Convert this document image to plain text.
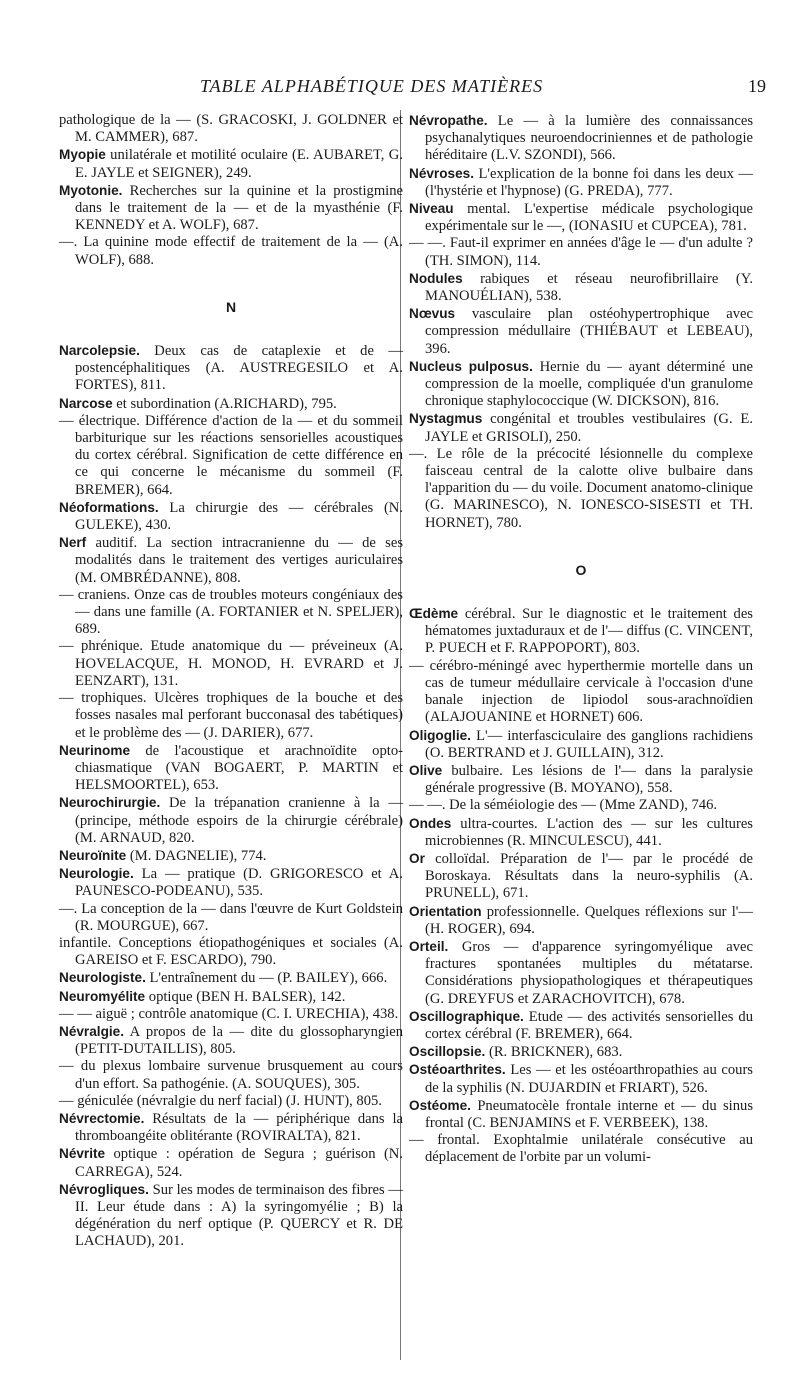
TABLE ALPHABÉTIQUE DES MATIÈRES	19

pathologique de la — (S. GRACOSKI, J. GOLDNER et M. CAMMER), 687.

Myopie unilatérale et motilité oculaire (E. AUBARET, G. E. JAYLE et SEIGNER), 249.

Myotonie. Recherches sur la quinine et la prostigmine dans le traitement de la — et de la myasthénie (F. KENNEDY et A. WOLF), 687.

—. La quinine mode effectif de traitement de la — (A. WOLF), 688.

N

Narcolepsie. Deux cas de cataplexie et de — postencéphalitiques (A. AUSTREGESILO et A. FORTES), 811.

Narcose et subordination (A.RICHARD), 795.

— électrique. Différence d'action de la — et du sommeil barbiturique sur les réactions sensorielles acoustiques du cortex cérébral. Signification de cette différence en ce qui concerne le mécanisme du sommeil (F. BREMER), 664.

Néoformations. La chirurgie des — cérébrales (N. GULEKE), 430.

Nerf auditif. La section intracranienne du — de ses modalités dans le traitement des vertiges auriculaires (M. OMBRÉDANNE), 808.

— craniens. Onze cas de troubles moteurs congéniaux des — dans une famille (A. FORTANIER et N. SPELJER), 689.

— phrénique. Etude anatomique du — préveineux (A. HOVELACQUE, H. MONOD, H. EVRARD et J. EENZART), 131.

— trophiques. Ulcères trophiques de la bouche et des fosses nasales mal perforant bucconasal des tabétiques) et le problème des — (J. DARIER), 677.

Neurinome de l'acoustique et arachnoïdite opto-chiasmatique (VAN BOGAERT, P. MARTIN et HELSMOORTEL), 653.

Neurochirurgie. De la trépanation cranienne à la — (principe, méthode espoirs de la chirurgie cérébrale) (M. ARNAUD, 820.

Neuroïnite (M. DAGNELIE), 774.

Neurologie. La — pratique (D. GRIGORESCO et A. PAUNESCO-PODEANU), 535.

—. La conception de la — dans l'œuvre de Kurt Goldstein (R. MOURGUE), 667.

infantile. Conceptions étiopathogéniques et sociales (A. GAREISO et F. ESCARDO), 790.

Neurologiste. L'entraînement du — (P. BAILEY), 666.

Neuromyélite optique (BEN H. BALSER), 142.

— — aiguë ; contrôle anatomique (C. I. URECHIA), 438.

Névralgie. A propos de la — dite du glossopharyngien (PETIT-DUTAILLIS), 805.

— du plexus lombaire survenue brusquement au cours d'un effort. Sa pathogénie. (A. SOUQUES), 305.

— géniculée (névralgie du nerf facial) (J. HUNT), 805.

Névrectomie. Résultats de la — périphérique dans la thromboangéite oblitérante (ROVIRALTA), 821.

Névrite optique : opération de Segura ; guérison (N. CARREGA), 524.

Névrogliques. Sur les modes de terminaison des fibres — II. Leur étude dans : A) la syringomyélie ; B) la dégénération du nerf optique (P. QUERCY et R. DE LACHAUD), 201.

Névropathe. Le — à la lumière des connaissances psychanalytiques neuroendocriniennes et de pathologie héréditaire (L.V. SZONDI), 566.

Névroses. L'explication de la bonne foi dans les deux — (l'hystérie et l'hypnose) (G. PREDA), 777.

Niveau mental. L'expertise médicale psychologique expérimentale sur le —, (IONASIU et CUPCEA), 781.

— —. Faut-il exprimer en années d'âge le — d'un adulte ? (TH. SIMON), 114.

Nodules rabiques et réseau neurofibrillaire (Y. MANOUÉLIAN), 538.

Nœvus vasculaire plan ostéohypertrophique avec compression médullaire (THIÉBAUT et LEBEAU), 396.

Nucleus pulposus. Hernie du — ayant déterminé une compression de la moelle, compliquée d'un granulome chronique staphylococcique (W. DICKSON), 816.

Nystagmus congénital et troubles vestibulaires (G. E. JAYLE et GRISOLI), 250.

—. Le rôle de la précocité lésionnelle du complexe faisceau central de la calotte olive bulbaire dans l'apparition du — du voile. Document anatomo-clinique (G. MARINESCO), N. IONESCO-SISESTI et TH. HORNET), 780.

O

Œdème cérébral. Sur le diagnostic et le traitement des hématomes juxtaduraux et de l'— diffus (C. VINCENT, P. PUECH et F. RAPPOPORT), 803.

— cérébro-méningé avec hyperthermie mortelle dans un cas de tumeur médullaire cervicale à l'occasion d'une banale injection de lipiodol sous-arachnoïdien (ALAJOUANINE et HORNET) 606.

Oligoglie. L'— interfasciculaire des ganglions rachidiens (O. BERTRAND et J. GUILLAIN), 312.

Olive bulbaire. Les lésions de l'— dans la paralysie générale progressive (B. MOYANO), 558.

— —. De la séméiologie des — (Mme ZAND), 746.

Ondes ultra-courtes. L'action des — sur les cultures microbiennes (R. MINCULESCU), 441.

Or colloïdal. Préparation de l'— par le procédé de Boroskaya. Résultats dans la neuro-syphilis (A. PRUNELL), 671.

Orientation professionnelle. Quelques réflexions sur l'— (H. ROGER), 694.

Orteil. Gros — d'apparence syringomyélique avec fractures spontanées multiples du métatarse. Considérations physiopathologiques et thérapeutiques (G. DREYFUS et ZARACHOVITCH), 678.

Oscillographique. Etude — des activités sensorielles du cortex cérébral (F. BREMER), 664.

Oscillopsie. (R. BRICKNER), 683.

Ostéoarthrites. Les — et les ostéoarthropathies au cours de la syphilis (N. DUJARDIN et FRIART), 526.

Ostéome. Pneumatocèle frontale interne et — du sinus frontal (C. BENJAMINS et F. VERBEEK), 138.

— frontal. Exophtalmie unilatérale consécutive au déplacement de l'orbite par un volumi-
